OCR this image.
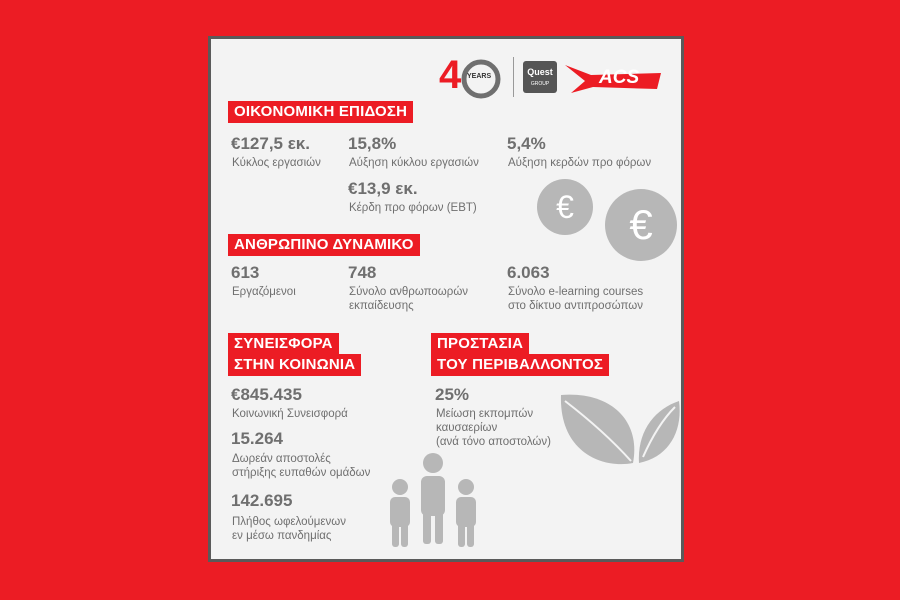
4 YEARS	Quest
GROUP	ACS
ΟΙΚΟΝΟΜΙΚΗ ΕΠΙΔΟΣΗ
€127,5 εκ.
Κύκλος εργασιών
15,8%
Αύξηση κύκλου εργασιών
5,4%
Αύξηση κερδών προ φόρων
€13,9 εκ.
Κέρδη προ φόρων (EBT) € €
ΑΝΘΡΩΠΙΝΟ ΔΥΝΑΜΙΚΟ
613
Εργαζόμενοι
748
Σύνολο ανθρωποωρών
εκπαίδευσης
6.063
Σύνολο e-learning courses
στο δίκτυο αντιπροσώπων
ΣΥΝΕΙΣΦΟΡΑ
ΣΤΗΝ ΚΟΙΝΩΝΙΑ
€845.435
Κοινωνική Συνεισφορά
15.264
Δωρεάν αποστολές
στήριξης ευπαθών ομάδων
142.695
Πλήθος ωφελούμενων
εν μέσω πανδημίας
ΠΡΟΣΤΑΣΙΑ
ΤΟΥ ΠΕΡΙΒΑΛΛΟΝΤΟΣ
25%
Μείωση εκπομπών
καυσαερίων
(ανά τόνο αποστολών)
